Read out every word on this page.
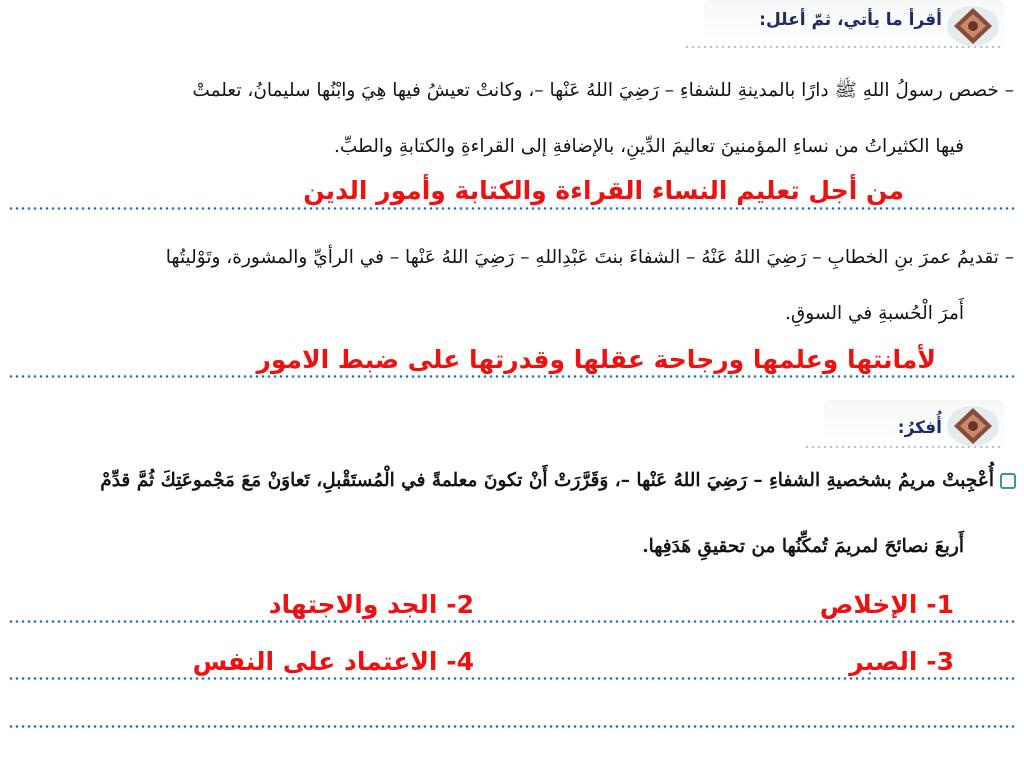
أقرأ ما يأتي، ثمّ أعلل:
– خصص رسولُ اللهِ ﷺ دارًا بالمدينةِ للشفاءِ – رَضِيَ اللهُ عَنْها –، وكانتْ تعيشُ فيها هِيَ وابْنُها سليمانُ، تعلمتْ
فيها الكثيراتُ من نساءِ المؤمنينَ تعاليمَ الدِّينِ، بالإضافةِ إلى القراءةِ والكتابةِ والطبِّ.
من أجل تعليم النساء القراءة والكتابة وأمور الدين
– تقديمُ عمرَ بنِ الخطابِ – رَضِيَ اللهُ عَنْهُ – الشفاءَ بنتَ عَبْدِاللهِ – رَضِيَ اللهُ عَنْها – في الرأيِّ والمشورة، وتَوْليتُها
أَمرَ الْحُسبةِ في السوقِ.
لأمانتها وعلمها ورجاحة عقلها وقدرتها على ضبط الامور
أُفكرُ:
أُعْجِبتْ مريمُ بشخصيةِ الشفاءِ – رَضِيَ اللهُ عَنْها –، وَقَرَّرَتْ أَنْ تكونَ معلمةً في الْمُستَقْبلِ، تَعاوَنْ مَعَ مَجْموعَتِكَ ثُمَّ قدِّمْ
أَربعَ نصائحَ لمريمَ تُمكِّنُها من تحقيقِ هَدَفِها.
1- الإخلاص
2- الجد والاجتهاد
3- الصبر
4- الاعتماد على النفس
